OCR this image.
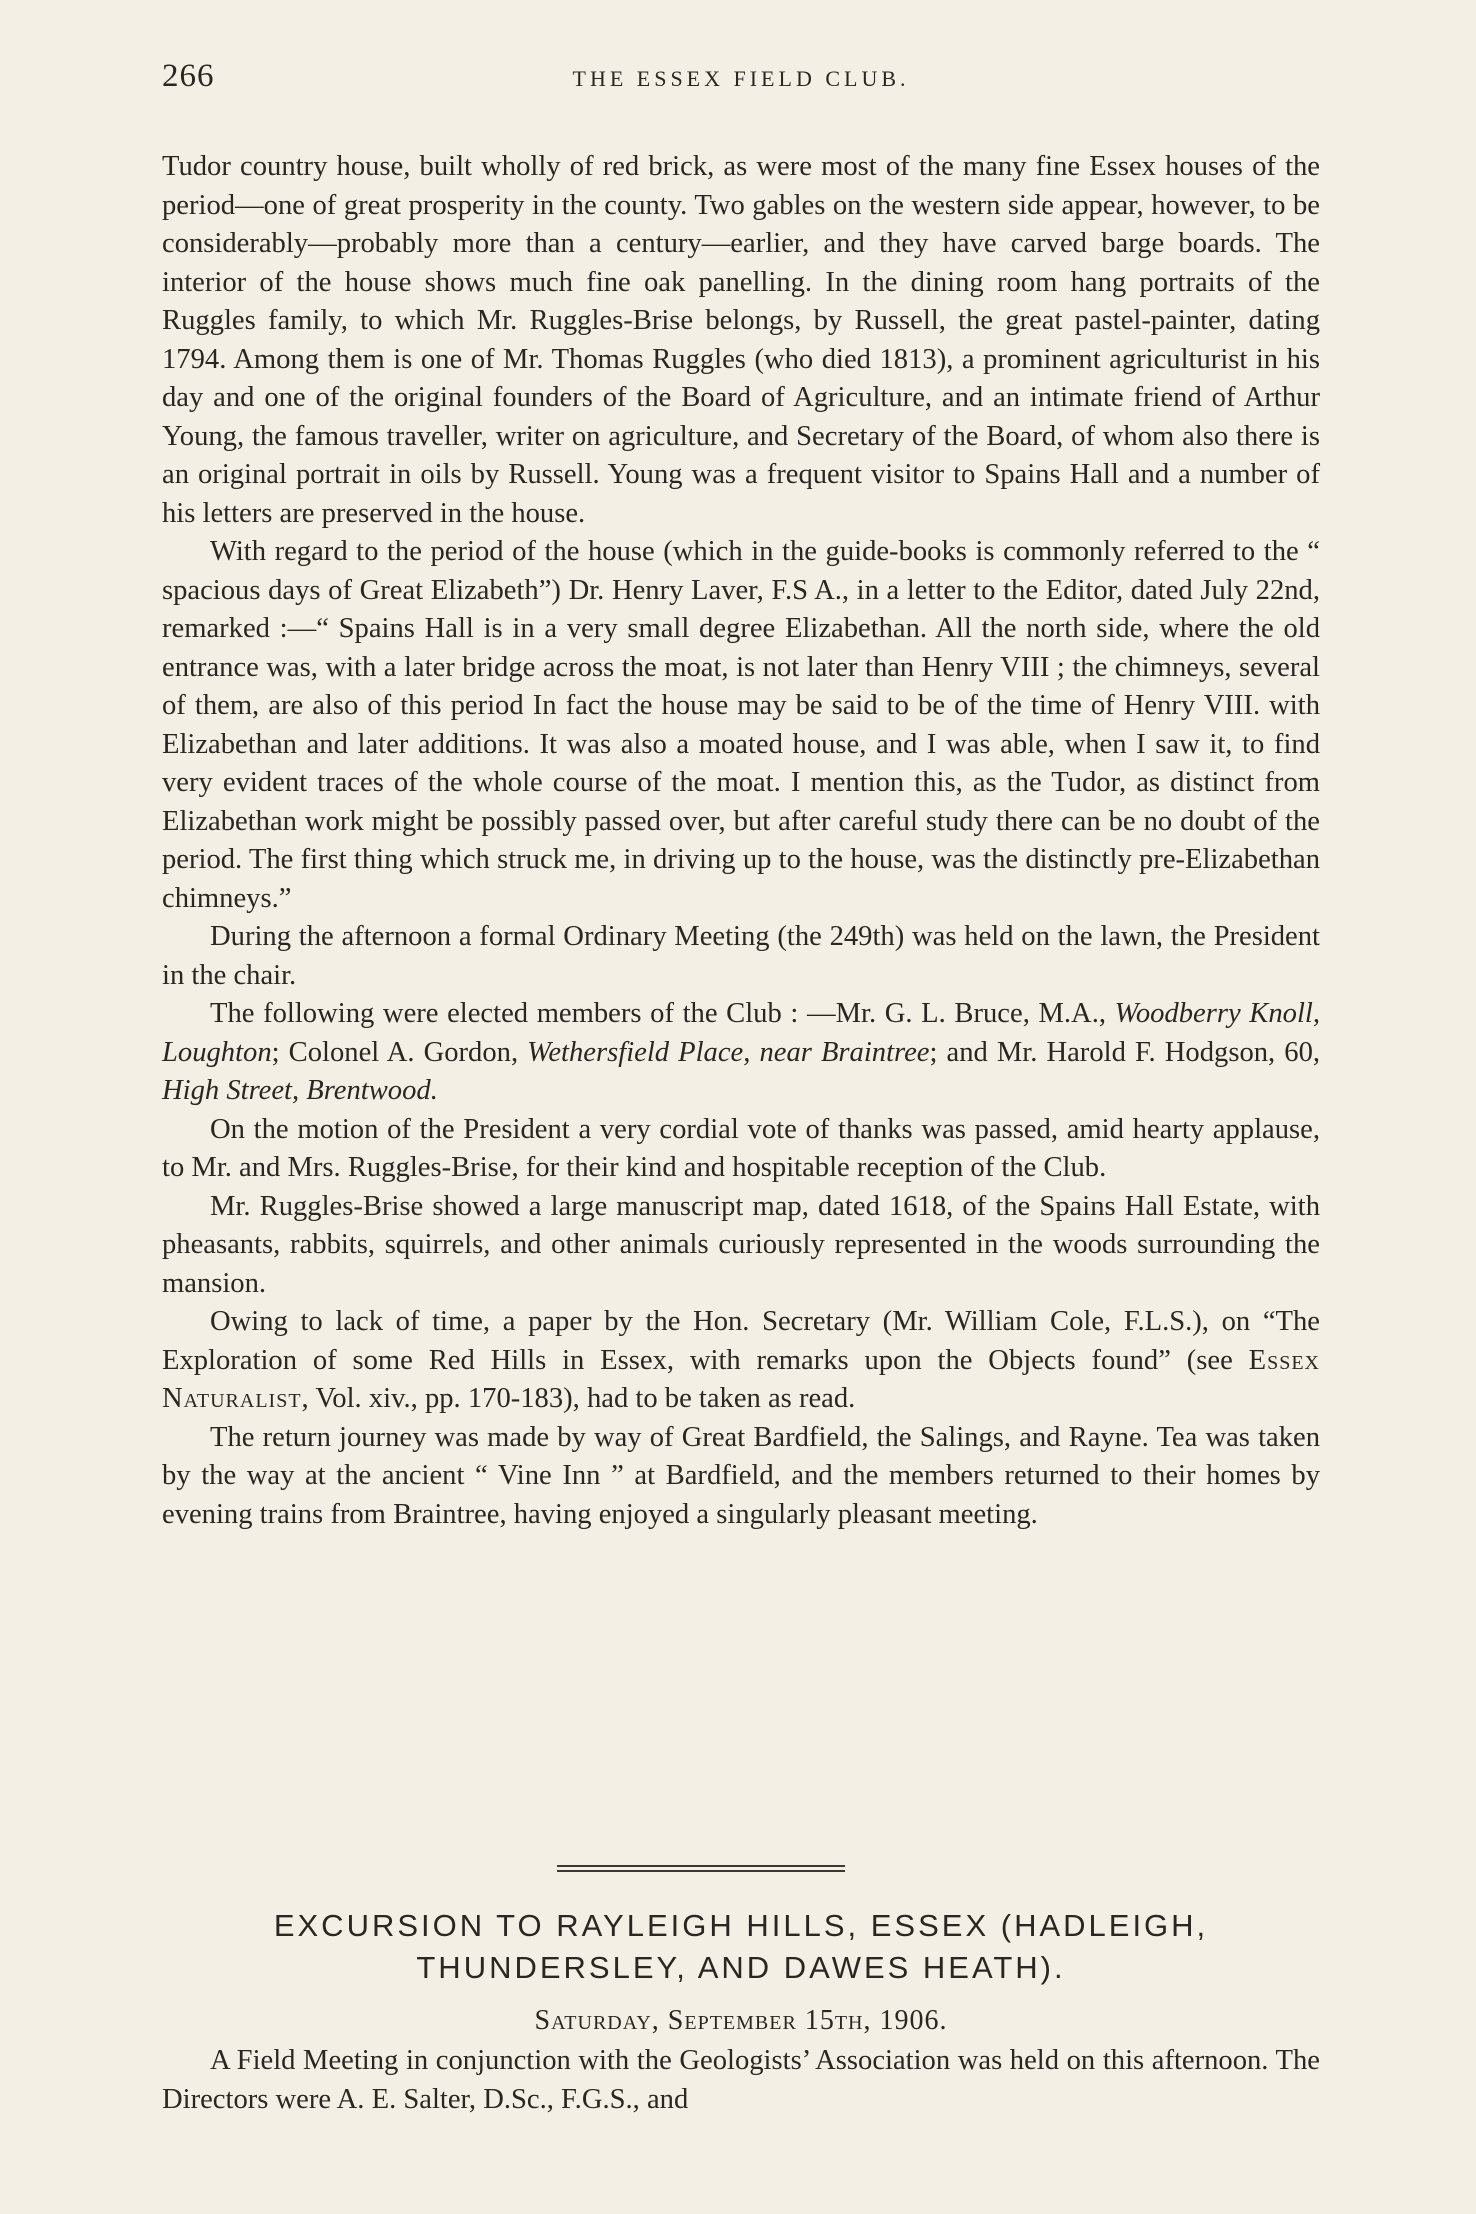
266	THE ESSEX FIELD CLUB.

Tudor country house, built wholly of red brick, as were most of the many fine Essex houses of the period—one of great prosperity in the county. Two gables on the western side appear, however, to be considerably—probably more than a century—earlier, and they have carved barge boards. The interior of the house shows much fine oak panelling. In the dining room hang portraits of the Ruggles family, to which Mr. Ruggles-Brise belongs, by Russell, the great pastel-painter, dating 1794. Among them is one of Mr. Thomas Ruggles (who died 1813), a prominent agriculturist in his day and one of the original founders of the Board of Agriculture, and an intimate friend of Arthur Young, the famous traveller, writer on agriculture, and Secretary of the Board, of whom also there is an original portrait in oils by Russell. Young was a frequent visitor to Spains Hall and a number of his letters are preserved in the house.

With regard to the period of the house (which in the guide-books is commonly referred to the “ spacious days of Great Elizabeth”) Dr. Henry Laver, F.S A., in a letter to the Editor, dated July 22nd, remarked :—“ Spains Hall is in a very small degree Elizabethan. All the north side, where the old entrance was, with a later bridge across the moat, is not later than Henry VIII ; the chimneys, several of them, are also of this period In fact the house may be said to be of the time of Henry VIII. with Elizabethan and later additions. It was also a moated house, and I was able, when I saw it, to find very evident traces of the whole course of the moat. I mention this, as the Tudor, as distinct from Elizabethan work might be possibly passed over, but after careful study there can be no doubt of the period. The first thing which struck me, in driving up to the house, was the distinctly pre-Elizabethan chimneys.”

During the afternoon a formal Ordinary Meeting (the 249th) was held on the lawn, the President in the chair.

The following were elected members of the Club : —Mr. G. L. Bruce, M.A., Woodberry Knoll, Loughton; Colonel A. Gordon, Wethersfield Place, near Braintree; and Mr. Harold F. Hodgson, 60, High Street, Brentwood.

On the motion of the President a very cordial vote of thanks was passed, amid hearty applause, to Mr. and Mrs. Ruggles-Brise, for their kind and hospitable reception of the Club.

Mr. Ruggles-Brise showed a large manuscript map, dated 1618, of the Spains Hall Estate, with pheasants, rabbits, squirrels, and other animals curiously represented in the woods surrounding the mansion.

Owing to lack of time, a paper by the Hon. Secretary (Mr. William Cole, F.L.S.), on “The Exploration of some Red Hills in Essex, with remarks upon the Objects found” (see Essex Naturalist, Vol. xiv., pp. 170-183), had to be taken as read.

The return journey was made by way of Great Bardfield, the Salings, and Rayne. Tea was taken by the way at the ancient “ Vine Inn ” at Bardfield, and the members returned to their homes by evening trains from Braintree, having enjoyed a singularly pleasant meeting.

EXCURSION TO RAYLEIGH HILLS, ESSEX (HADLEIGH,
THUNDERSLEY, AND DAWES HEATH).
Saturday, September 15th, 1906.

A Field Meeting in conjunction with the Geologists’ Association was held on this afternoon. The Directors were A. E. Salter, D.Sc., F.G.S., and
